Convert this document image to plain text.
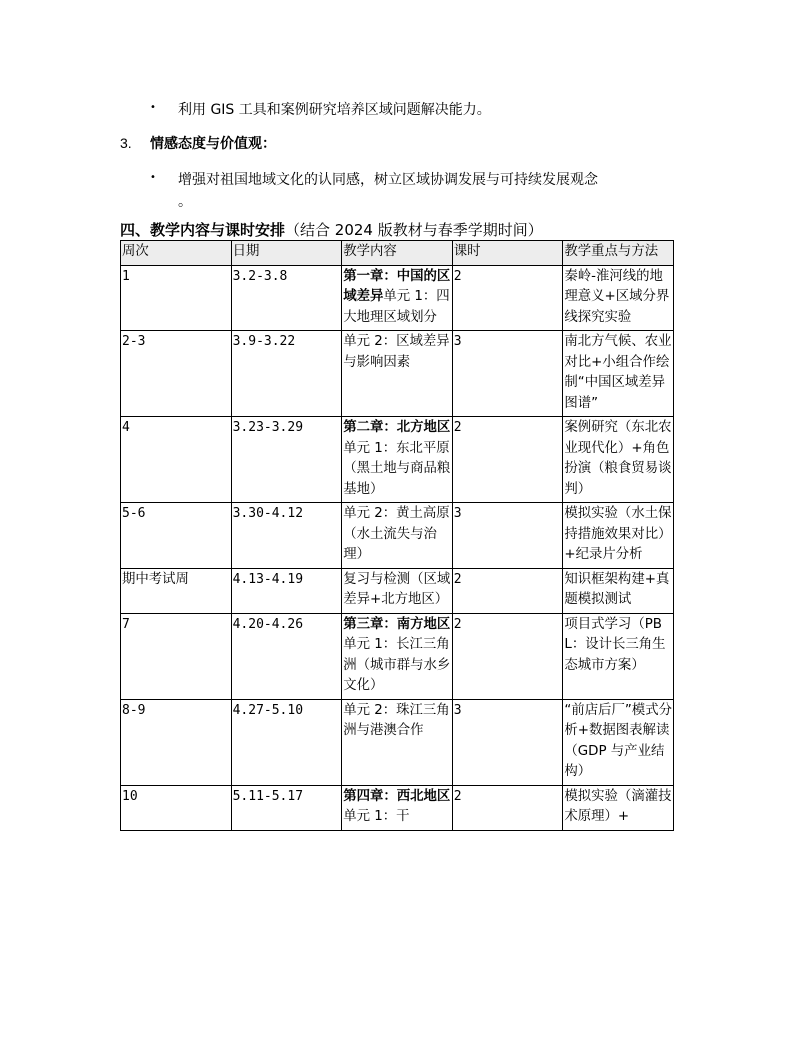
• 利用 GIS 工具和案例研究培养区域问题解决能力。
3. 情感态度与价值观：
• 增强对祖国地域文化的认同感，树立区域协调发展与可持续发展观念
。
四、教学内容与课时安排（结合 2024 版教材与春季学期时间）
周次	日期	教学内容	课时	教学重点与方法
1	3.2-3.8	第一章：中国的区域差异单元 1：四大地理区域划分	2	秦岭-淮河线的地理意义+区域分界线探究实验
2-3	3.9-3.22	单元 2：区域差异与影响因素	3	南北方气候、农业对比+小组合作绘制“中国区域差异图谱”
4	3.23-3.29	第二章：北方地区单元 1：东北平原（黑土地与商品粮基地）	2	案例研究（东北农业现代化）+角色扮演（粮食贸易谈判）
5-6	3.30-4.12	单元 2：黄土高原（水土流失与治理）	3	模拟实验（水土保持措施效果对比）+纪录片分析
期中考试周	4.13-4.19	复习与检测（区域差异+北方地区）	2	知识框架构建+真题模拟测试
7	4.20-4.26	第三章：南方地区单元 1：长江三角洲（城市群与水乡文化）	2	项目式学习（PBL：设计长三角生态城市方案）
8-9	4.27-5.10	单元 2：珠江三角洲与港澳合作	3	“前店后厂”模式分析+数据图表解读（GDP 与产业结构）
10	5.11-5.17	第四章：西北地区单元 1：干	2	模拟实验（滴灌技术原理）+
